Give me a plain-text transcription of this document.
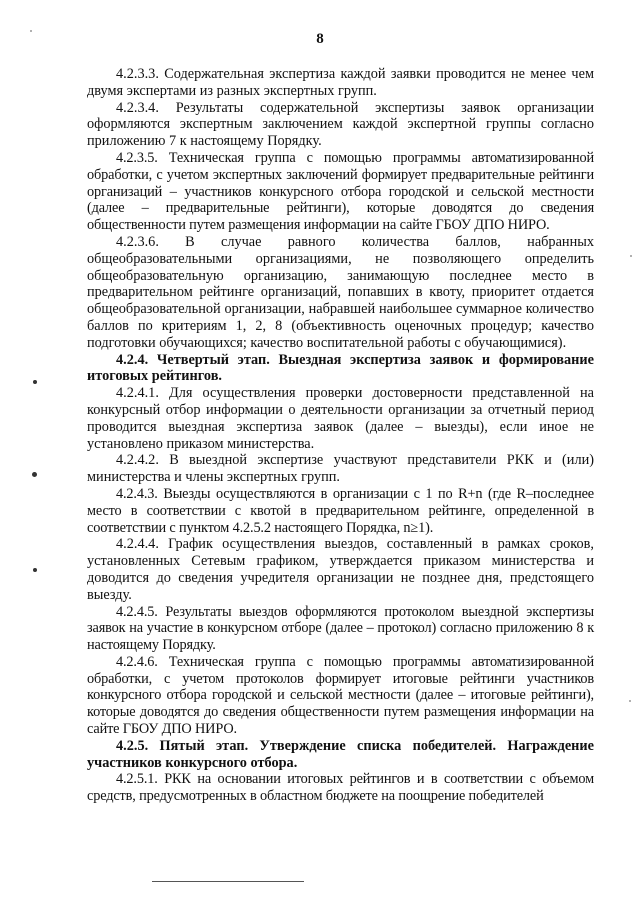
8

4.2.3.3. Содержательная экспертиза каждой заявки проводится не менее чем двумя экспертами из разных экспертных групп.

4.2.3.4. Результаты содержательной экспертизы заявок организации оформляются экспертным заключением каждой экспертной группы согласно приложению 7 к настоящему Порядку.

4.2.3.5. Техническая группа с помощью программы автоматизированной обработки, с учетом экспертных заключений формирует предварительные рейтинги организаций – участников конкурсного отбора городской и сельской местности (далее – предварительные рейтинги), которые доводятся до сведения общественности путем размещения информации на сайте ГБОУ ДПО НИРО.

4.2.3.6. В случае равного количества баллов, набранных общеобразовательными организациями, не позволяющего определить общеобразовательную организацию, занимающую последнее место в предварительном рейтинге организаций, попавших в квоту, приоритет отдается общеобразовательной организации, набравшей наибольшее суммарное количество баллов по критериям 1, 2, 8 (объективность оценочных процедур; качество подготовки обучающихся; качество воспитательной работы с обучающимися).

4.2.4. Четвертый этап. Выездная экспертиза заявок и формирование итоговых рейтингов.

4.2.4.1. Для осуществления проверки достоверности представленной на конкурсный отбор информации о деятельности организации за отчетный период проводится выездная экспертиза заявок (далее – выезды), если иное не установлено приказом министерства.

4.2.4.2. В выездной экспертизе участвуют представители РКК и (или) министерства и члены экспертных групп.

4.2.4.3. Выезды осуществляются в организации с 1 по R+n (где R–последнее место в соответствии с квотой в предварительном рейтинге, определенной в соответствии с пунктом 4.2.5.2 настоящего Порядка, n≥1).

4.2.4.4. График осуществления выездов, составленный в рамках сроков, установленных Сетевым графиком, утверждается приказом министерства и доводится до сведения учредителя организации не позднее дня, предстоящего выезду.

4.2.4.5. Результаты выездов оформляются протоколом выездной экспертизы заявок на участие в конкурсном отборе (далее – протокол) согласно приложению 8 к настоящему Порядку.

4.2.4.6. Техническая группа с помощью программы автоматизированной обработки, с учетом протоколов формирует итоговые рейтинги участников конкурсного отбора городской и сельской местности (далее – итоговые рейтинги), которые доводятся до сведения общественности путем размещения информации на сайте ГБОУ ДПО НИРО.

4.2.5. Пятый этап. Утверждение списка победителей. Награждение участников конкурсного отбора.

4.2.5.1. РКК на основании итоговых рейтингов и в соответствии с объемом средств, предусмотренных в областном бюджете на поощрение победителей
